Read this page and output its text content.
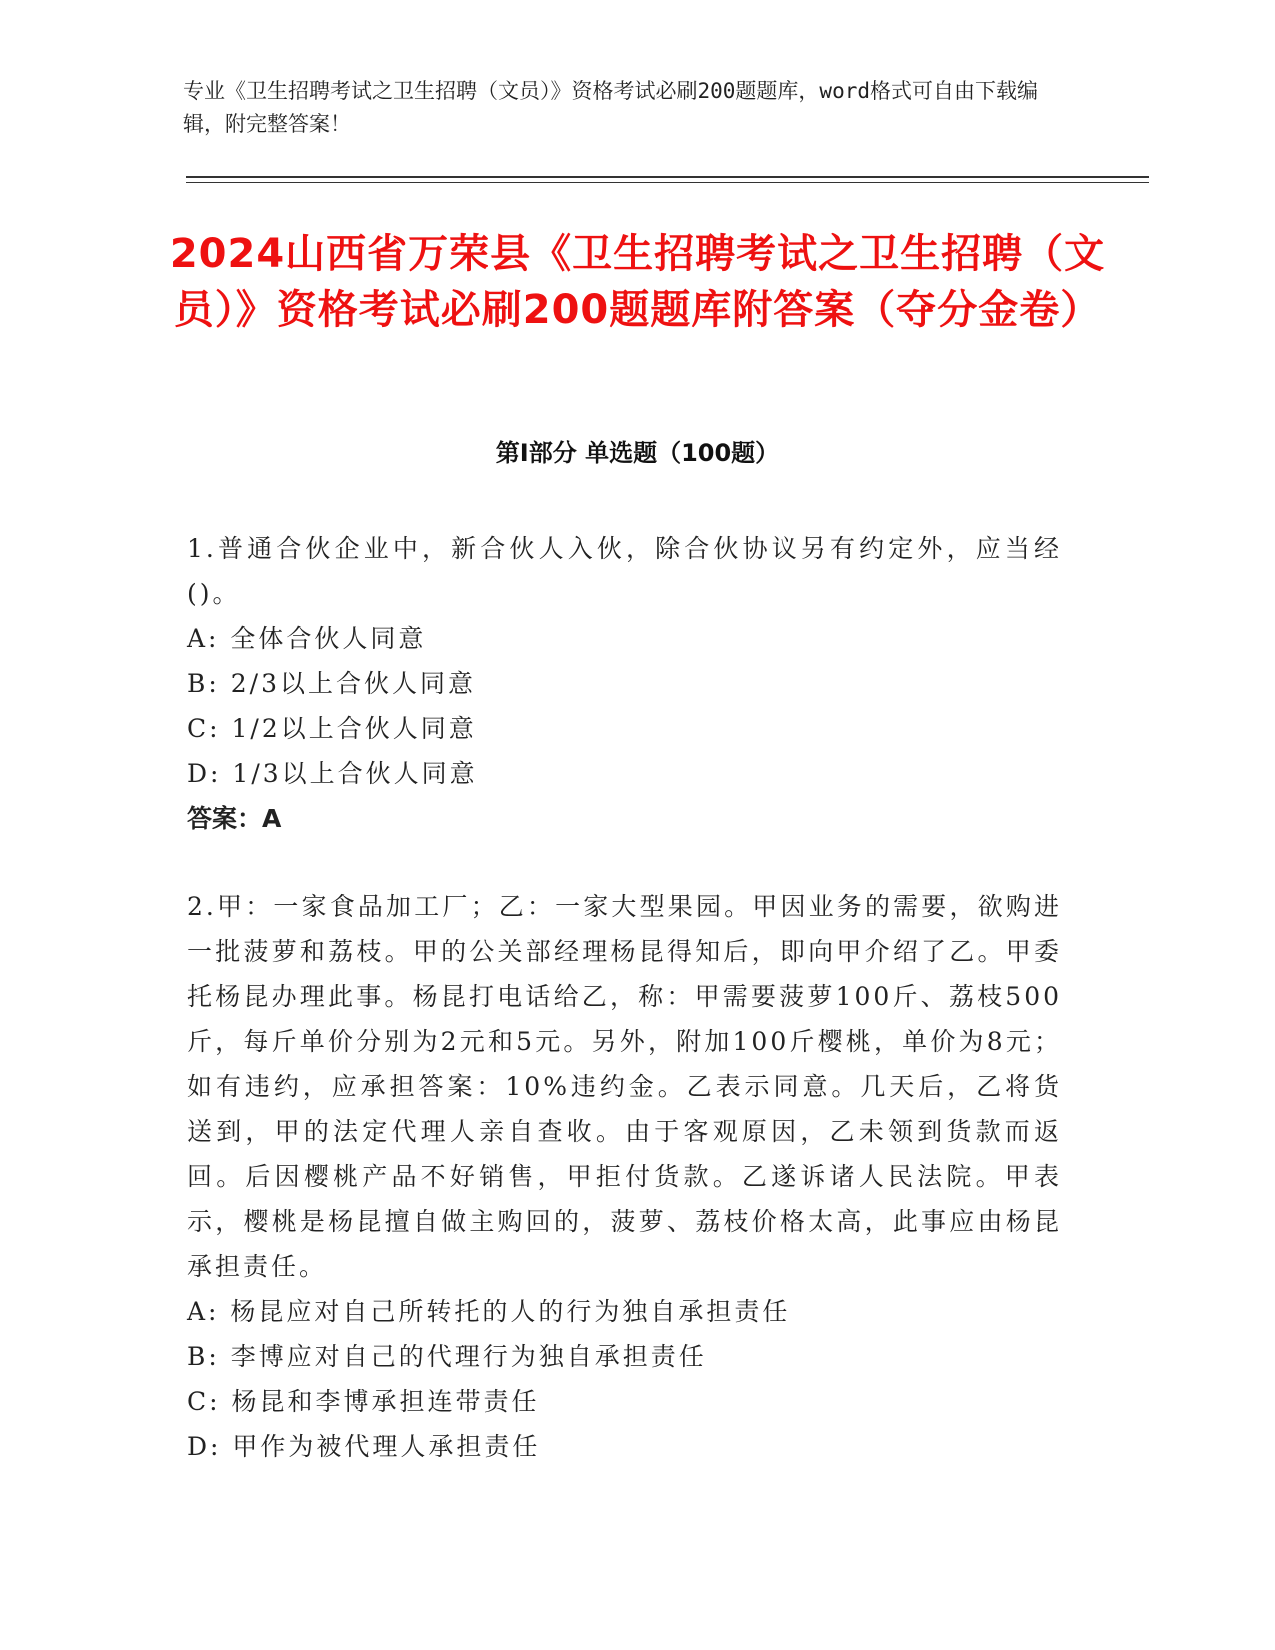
专业《卫生招聘考试之卫生招聘（文员）》资格考试必刷200题题库，word格式可自由下载编辑，附完整答案！
2024山西省万荣县《卫生招聘考试之卫生招聘（文员）》资格考试必刷200题题库附答案（夺分金卷）
第I部分 单选题（100题）
1.普通合伙企业中，新合伙人入伙，除合伙协议另有约定外，应当经()。
A: 全体合伙人同意
B: 2/3以上合伙人同意
C: 1/2以上合伙人同意
D: 1/3以上合伙人同意
答案：A
2.甲：一家食品加工厂；乙：一家大型果园。甲因业务的需要，欲购进一批菠萝和荔枝。甲的公关部经理杨昆得知后，即向甲介绍了乙。甲委托杨昆办理此事。杨昆打电话给乙，称：甲需要菠萝100斤、荔枝500斤，每斤单价分别为2元和5元。另外，附加100斤樱桃，单价为8元；如有违约，应承担答案：10%违约金。乙表示同意。几天后，乙将货送到，甲的法定代理人亲自查收。由于客观原因，乙未领到货款而返回。后因樱桃产品不好销售，甲拒付货款。乙遂诉诸人民法院。甲表示，樱桃是杨昆擅自做主购回的，菠萝、荔枝价格太高，此事应由杨昆承担责任。
A: 杨昆应对自己所转托的人的行为独自承担责任
B: 李博应对自己的代理行为独自承担责任
C: 杨昆和李博承担连带责任
D: 甲作为被代理人承担责任
